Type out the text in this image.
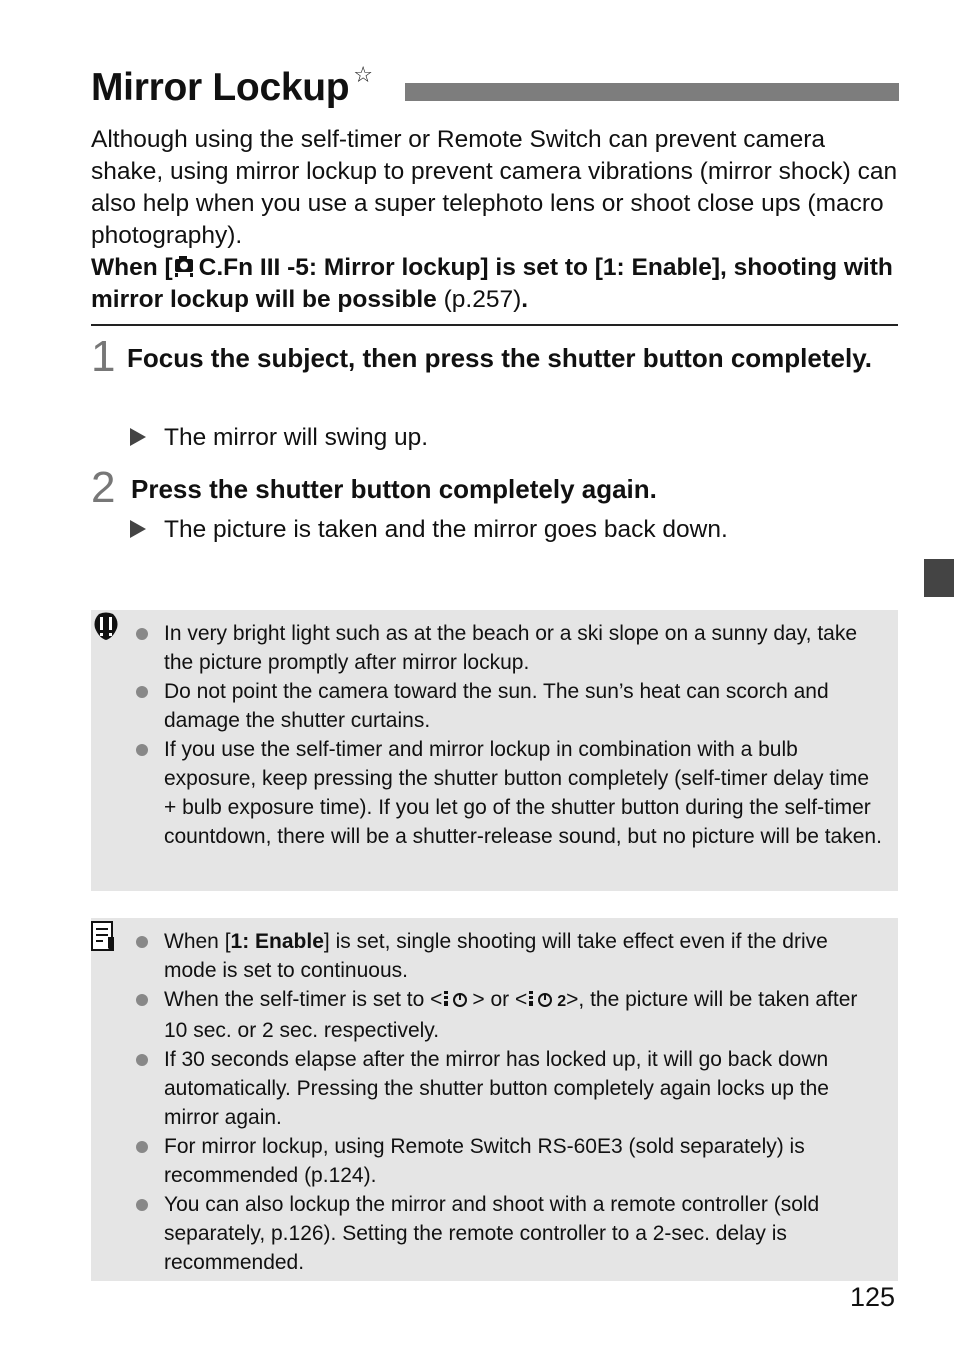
Mirror Lockup ☆

Although using the self-timer or Remote Switch can prevent camera shake, using mirror lockup to prevent camera vibrations (mirror shock) can also help when you use a super telephoto lens or shoot close ups (macro photography).

When [ C.Fn III -5: Mirror lockup] is set to [1: Enable], shooting with mirror lockup will be possible (p.257).

1 Focus the subject, then press the shutter button completely.
The mirror will swing up.
2 Press the shutter button completely again.
The picture is taken and the mirror goes back down.
In very bright light such as at the beach or a ski slope on a sunny day, take the picture promptly after mirror lockup.
Do not point the camera toward the sun. The sun’s heat can scorch and damage the shutter curtains.
If you use the self-timer and mirror lockup in combination with a bulb exposure, keep pressing the shutter button completely (self-timer delay time + bulb exposure time). If you let go of the shutter button during the self-timer countdown, there will be a shutter-release sound, but no picture will be taken.
When [1: Enable] is set, single shooting will take effect even if the drive mode is set to continuous.
When the self-timer is set to < > or < 2>, the picture will be taken after 10 sec. or 2 sec. respectively.
If 30 seconds elapse after the mirror has locked up, it will go back down automatically. Pressing the shutter button completely again locks up the mirror again.
For mirror lockup, using Remote Switch RS-60E3 (sold separately) is recommended (p.124).
You can also lockup the mirror and shoot with a remote controller (sold separately, p.126). Setting the remote controller to a 2-sec. delay is recommended.
125
